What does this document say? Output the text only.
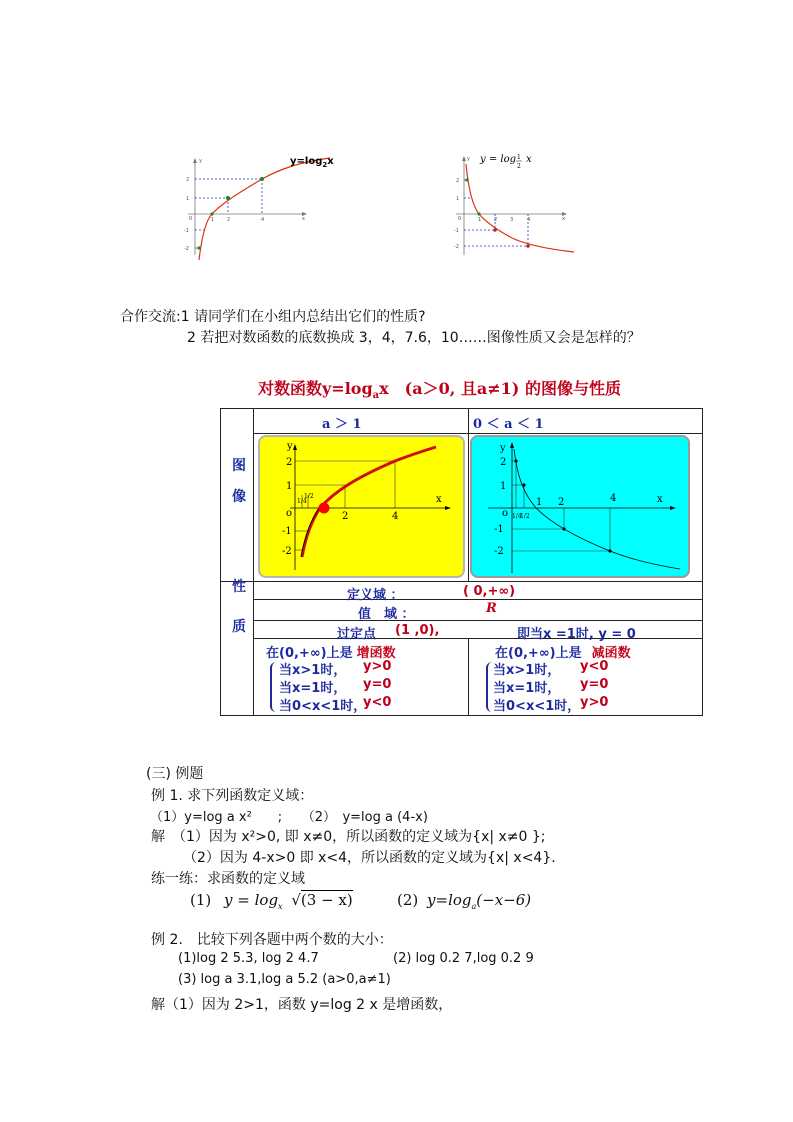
y
x
0
2
1
-1
-2
1	2	4
$y=\log_2x$	y
x
0
2
1
-1
-2
1	2	3	4
y = log 1
2
x
合作交流:1 请同学们在小组内总结出它们的性质?
2 若把对数函数的底数换成 3，4，7.6，10……图像性质又会是怎样的？
对数函数$y=\log_ax$　(a＞0, 且a≠1) 的图像与性质
a ＞ 1	0 ＜ a ＜ 1
图
像
性
质
y
x
o
2
1
-1
-2
2	4
1/4
1/2
y
x
o
2
1
-1
-2
1 2	4
1/4
1/2
定义域 ：	( 0,+∞)
值　域 ：	R
过定点 (1 ,0),	即当x =1时, y = 0
在(0,+∞)上是 增函数
当x>1时， y>0
当x=1时， y=0
当0<x<1时，
y<0
在(0,+∞)上是 减函数
当x>1时， y<0
当x=1时， y=0
当0<x<1时， y>0
(三) 例题
例 1. 求下列函数定义域：
（1）y=log a x²　　;　　（2）　y=log a (4-x)
解　（1）因为 x²>0, 即 x≠0，所以函数的定义域为{x| x≠0 };
（2）因为 4-x>0 即 x<4，所以函数的定义域为{x| x<4}.
练一练：求函数的定义域
(1) $y = \log_x √(3 - x)$	(2) $y=\log_a(-x-6)$
例 2.　比较下列各题中两个数的大小：
(1)log 2 5.3, log 2 4.7	(2) log 0.2 7,log 0.2 9
(3) log a 3.1,log a 5.2 (a>0,a≠1)
解（1）因为 2>1，函数 y=log 2 x 是增函数，
